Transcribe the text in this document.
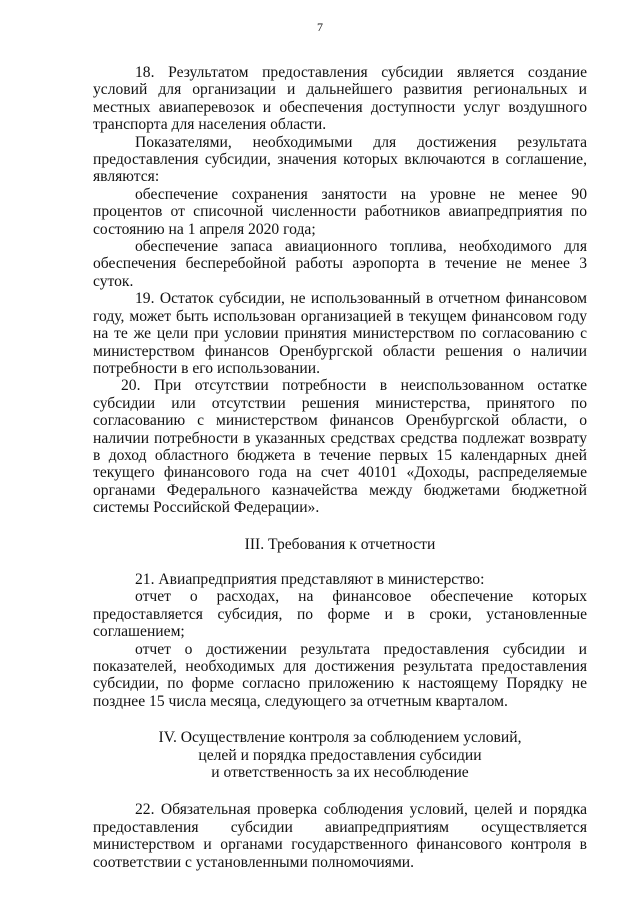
7

18. Результатом предоставления субсидии является создание условий для организации и дальнейшего развития региональных и местных авиаперевозок и обеспечения доступности услуг воздушного транспорта для населения области.

Показателями, необходимыми для достижения результата предоставления субсидии, значения которых включаются в соглашение, являются:

обеспечение сохранения занятости на уровне не менее 90 процентов от списочной численности работников авиапредприятия по состоянию на 1 апреля 2020 года;

обеспечение запаса авиационного топлива, необходимого для обеспечения бесперебойной работы аэропорта в течение не менее 3 суток.

19. Остаток субсидии, не использованный в отчетном финансовом году, может быть использован организацией в текущем финансовом году на те же цели при условии принятия министерством по согласованию с министерством финансов Оренбургской области решения о наличии потребности в его использовании.

20. При отсутствии потребности в неиспользованном остатке субсидии или отсутствии решения министерства, принятого по согласованию с министерством финансов Оренбургской области, о наличии потребности в указанных средствах средства подлежат возврату в доход областного бюджета в течение первых 15 календарных дней текущего финансового года на счет 40101 «Доходы, распределяемые органами Федерального казначейства между бюджетами бюджетной системы Российской Федерации».

III. Требования к отчетности

21. Авиапредприятия представляют в министерство:

отчет о расходах, на финансовое обеспечение которых предоставляется субсидия, по форме и в сроки, установленные соглашением;

отчет о достижении результата предоставления субсидии и показателей, необходимых для достижения результата предоставления субсидии, по форме согласно приложению к настоящему Порядку не позднее 15 числа месяца, следующего за отчетным кварталом.

IV. Осуществление контроля за соблюдением условий,

целей и порядка предоставления субсидии

и ответственность за их несоблюдение

22. Обязательная проверка соблюдения условий, целей и порядка предоставления субсидии авиапредприятиям осуществляется министерством и органами государственного финансового контроля в соответствии с установленными полномочиями.
